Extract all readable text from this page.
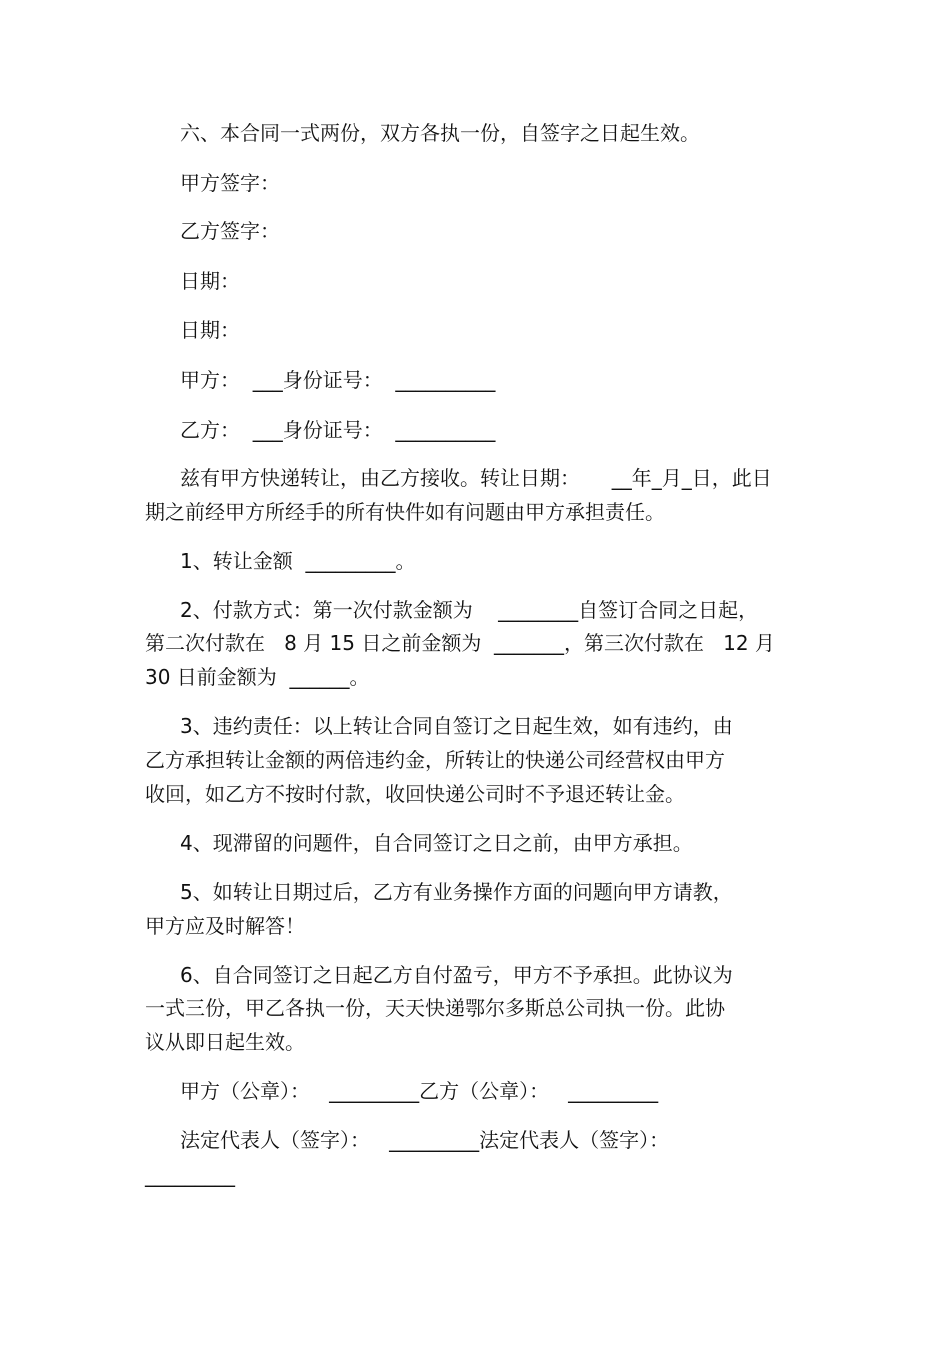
六、本合同一式两份，双方各执一份，自签字之日起生效。

甲方签字：

乙方签字：

日期：

日期：

甲方：  ___身份证号：  __________

乙方：  ___身份证号：  __________

兹有甲方快递转让，由乙方接收。转让日期：     __年_月_日，此日

期之前经甲方所经手的所有快件如有问题由甲方承担责任。

1、转让金额  _________。

2、付款方式：第一次付款金额为    ________自签订合同之日起，

第二次付款在   8 月 15 日之前金额为  _______，第三次付款在   12 月

30 日前金额为  ______。

3、违约责任：以上转让合同自签订之日起生效，如有违约，由

乙方承担转让金额的两倍违约金，所转让的快递公司经营权由甲方

收回，如乙方不按时付款，收回快递公司时不予退还转让金。

4、现滞留的问题件，自合同签订之日之前，由甲方承担。

5、如转让日期过后，乙方有业务操作方面的问题向甲方请教，

甲方应及时解答！

6、自合同签订之日起乙方自付盈亏，甲方不予承担。此协议为

一式三份，甲乙各执一份，天天快递鄂尔多斯总公司执一份。此协

议从即日起生效。

甲方（公章）：   _________乙方（公章）：   _________

法定代表人（签字）：   _________法定代表人（签字）：

_________
